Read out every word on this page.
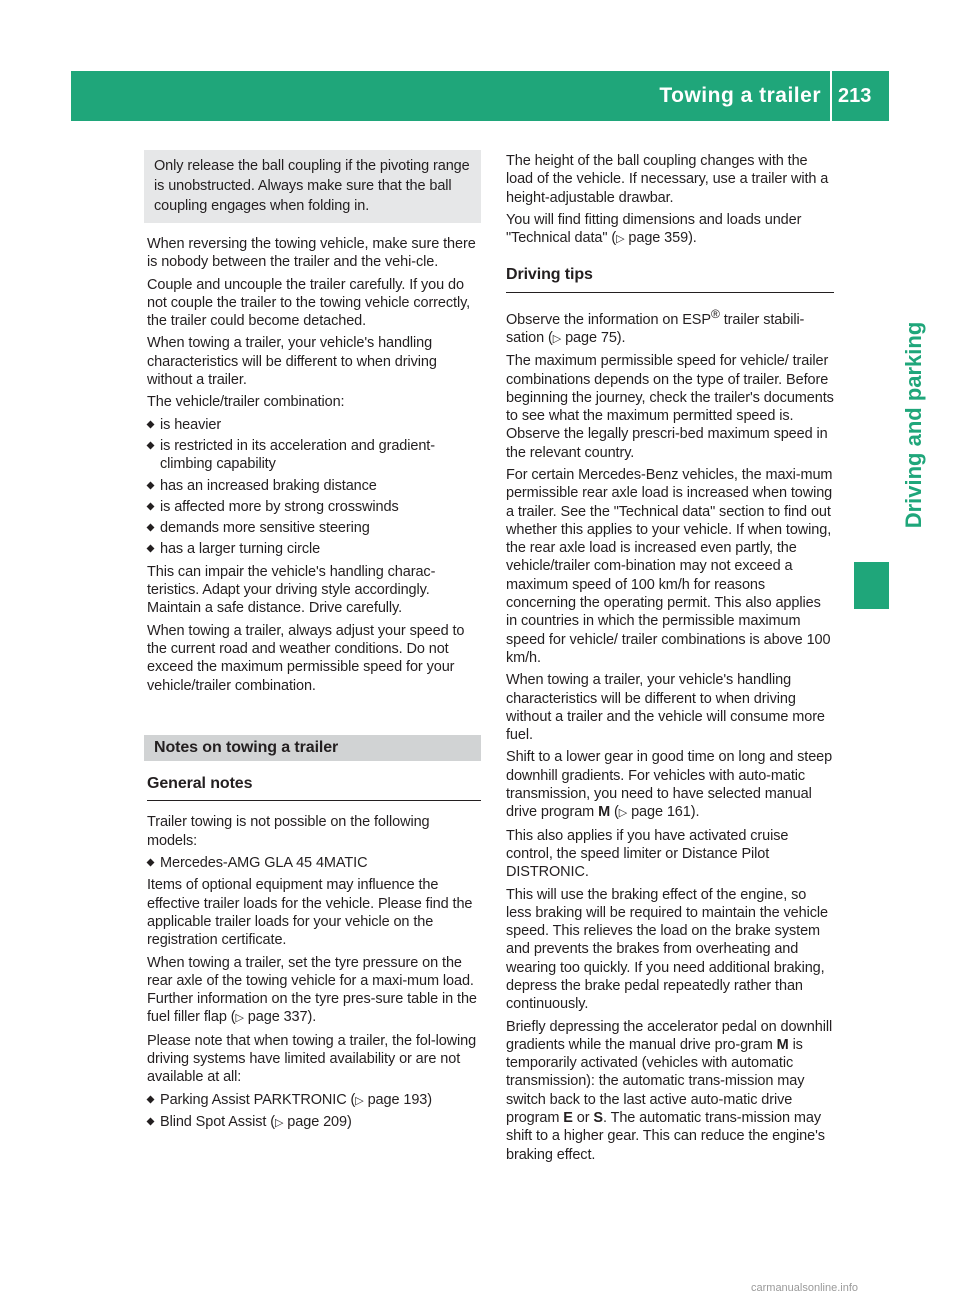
Towing a trailer 213
Driving and parking
Only release the ball coupling if the pivoting range is unobstructed. Always make sure that the ball coupling engages when folding in.

When reversing the towing vehicle, make sure there is nobody between the trailer and the vehi-cle.

Couple and uncouple the trailer carefully. If you do not couple the trailer to the towing vehicle correctly, the trailer could become detached.

When towing a trailer, your vehicle's handling characteristics will be different to when driving without a trailer.

The vehicle/trailer combination:

is heavier
is restricted in its acceleration and gradient-climbing capability
has an increased braking distance
is affected more by strong crosswinds
demands more sensitive steering
has a larger turning circle

This can impair the vehicle's handling charac-teristics. Adapt your driving style accordingly. Maintain a safe distance. Drive carefully.

When towing a trailer, always adjust your speed to the current road and weather conditions. Do not exceed the maximum permissible speed for your vehicle/trailer combination.

Notes on towing a trailer
General notes

Trailer towing is not possible on the following models:

Mercedes-AMG GLA 45 4MATIC

Items of optional equipment may influence the effective trailer loads for the vehicle. Please find the applicable trailer loads for your vehicle on the registration certificate.

When towing a trailer, set the tyre pressure on the rear axle of the towing vehicle for a maxi-mum load. Further information on the tyre pres-sure table in the fuel filler flap (▷ page 337).

Please note that when towing a trailer, the fol-lowing driving systems have limited availability or are not available at all:

Parking Assist PARKTRONIC (▷ page 193)
Blind Spot Assist (▷ page 209)

The height of the ball coupling changes with the load of the vehicle. If necessary, use a trailer with a height-adjustable drawbar.

You will find fitting dimensions and loads under "Technical data" (▷ page 359).

Driving tips

Observe the information on ESP® trailer stabili-sation (▷ page 75).

The maximum permissible speed for vehicle/ trailer combinations depends on the type of trailer. Before beginning the journey, check the trailer's documents to see what the maximum permitted speed is. Observe the legally prescri-bed maximum speed in the relevant country.

For certain Mercedes-Benz vehicles, the maxi-mum permissible rear axle load is increased when towing a trailer. See the "Technical data" section to find out whether this applies to your vehicle. If when towing, the rear axle load is increased even partly, the vehicle/trailer com-bination may not exceed a maximum speed of 100 km/h for reasons concerning the operating permit. This also applies in countries in which the permissible maximum speed for vehicle/ trailer combinations is above 100 km/h.

When towing a trailer, your vehicle's handling characteristics will be different to when driving without a trailer and the vehicle will consume more fuel.

Shift to a lower gear in good time on long and steep downhill gradients. For vehicles with auto-matic transmission, you need to have selected manual drive program M (▷ page 161).

This also applies if you have activated cruise control, the speed limiter or Distance Pilot DISTRONIC.

This will use the braking effect of the engine, so less braking will be required to maintain the vehicle speed. This relieves the load on the brake system and prevents the brakes from overheating and wearing too quickly. If you need additional braking, depress the brake pedal repeatedly rather than continuously.

Briefly depressing the accelerator pedal on downhill gradients while the manual drive pro-gram M is temporarily activated (vehicles with automatic transmission): the automatic trans-mission may switch back to the last active auto-matic drive program E or S. The automatic trans-mission may shift to a higher gear. This can reduce the engine's braking effect.

carmanualsonline.info
